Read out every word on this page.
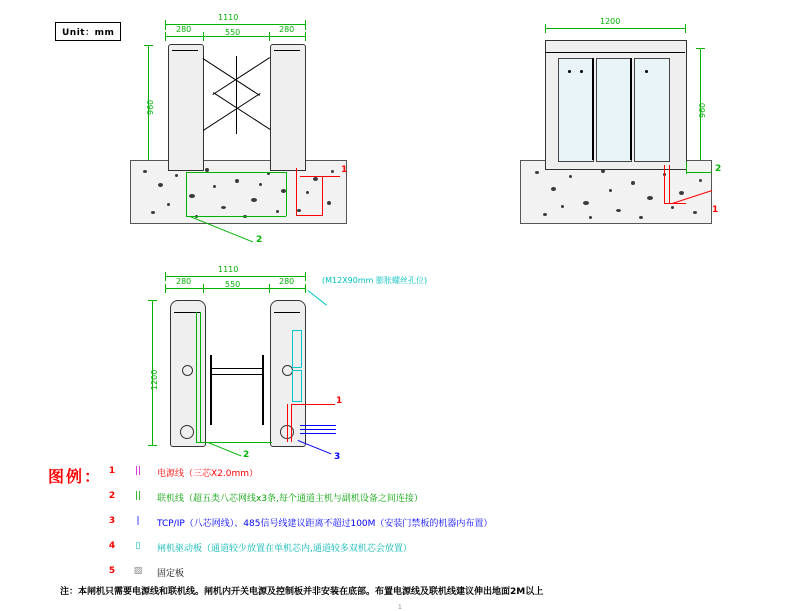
Unit：mm
1110
280	550	280
960
2
1
1200
960
1
2
1110
280	550	280
1200
(M12X90mm 膨胀螺丝孔位)
2
1
3
图例： 1	||	电源线（三芯X2.0mm）
2	||	联机线（超五类八芯网线x3条,每个通道主机与副机设备之间连接）
3	|	TCP/IP（八芯网线）、485信号线建议距离不超过100M（安装门禁板的机器内布置）
4	▯	闸机驱动板（通道较少放置在单机芯内,通道较多双机芯会放置）
5	▨	固定板
注：本闸机只需要电源线和联机线。闸机内开关电源及控制板并非安装在底部。布置电源线及联机线建议伸出地面2M以上
1
